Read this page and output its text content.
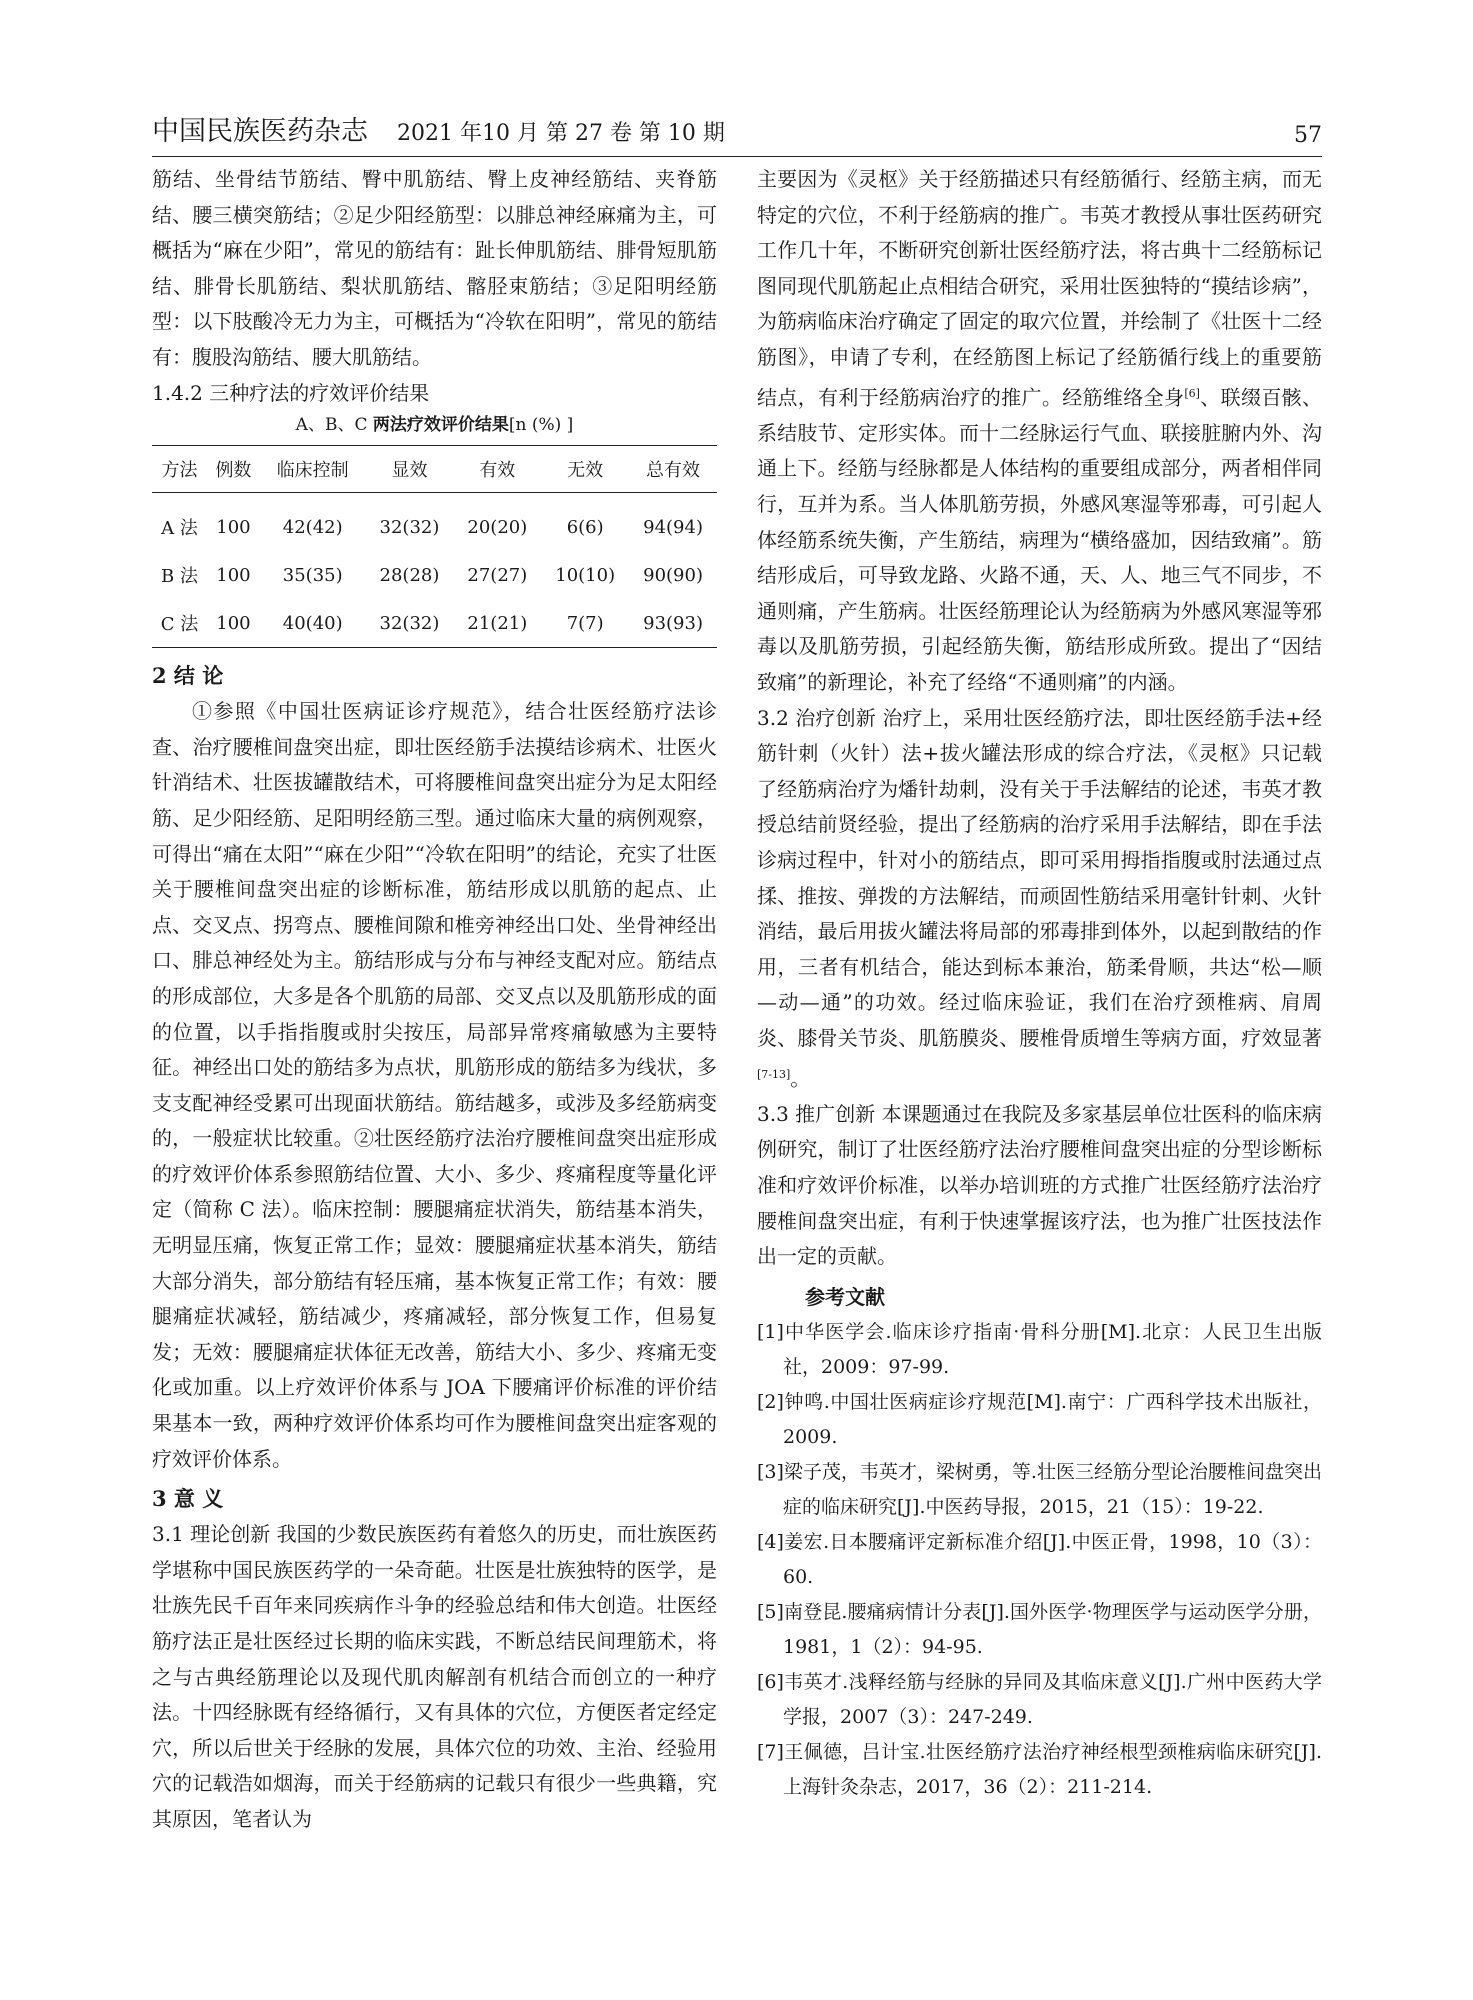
中国民族医药杂志 2021 年10 月 第 27 卷 第 10 期	57

筋结、坐骨结节筋结、臀中肌筋结、臀上皮神经筋结、夹脊筋结、腰三横突筋结；②足少阳经筋型：以腓总神经麻痛为主，可概括为“麻在少阳”，常见的筋结有：趾长伸肌筋结、腓骨短肌筋结、腓骨长肌筋结、梨状肌筋结、髂胫束筋结；③足阳明经筋型：以下肢酸冷无力为主，可概括为“冷软在阳明”，常见的筋结有：腹股沟筋结、腰大肌筋结。

1.4.2 三种疗法的疗效评价结果
A、B、C 两法疗效评价结果[n (%) ]
方法	例数	临床控制	显效	有效	无效	总有效
A 法	100	42(42)	32(32)	20(20)	6(6)	94(94)
B 法	100	35(35)	28(28)	27(27)	10(10)	90(90)
C 法	100	40(40)	32(32)	21(21)	7(7)	93(93)
2 结 论

①参照《中国壮医病证诊疗规范》，结合壮医经筋疗法诊查、治疗腰椎间盘突出症，即壮医经筋手法摸结诊病术、壮医火针消结术、壮医拔罐散结术，可将腰椎间盘突出症分为足太阳经筋、足少阳经筋、足阳明经筋三型。通过临床大量的病例观察，可得出“痛在太阳”“麻在少阳”“冷软在阳明”的结论，充实了壮医关于腰椎间盘突出症的诊断标准，筋结形成以肌筋的起点、止点、交叉点、拐弯点、腰椎间隙和椎旁神经出口处、坐骨神经出口、腓总神经处为主。筋结形成与分布与神经支配对应。筋结点的形成部位，大多是各个肌筋的局部、交叉点以及肌筋形成的面的位置，以手指指腹或肘尖按压，局部异常疼痛敏感为主要特征。神经出口处的筋结多为点状，肌筋形成的筋结多为线状，多支支配神经受累可出现面状筋结。筋结越多，或涉及多经筋病变的，一般症状比较重。②壮医经筋疗法治疗腰椎间盘突出症形成的疗效评价体系参照筋结位置、大小、多少、疼痛程度等量化评定（简称 C 法）。临床控制：腰腿痛症状消失，筋结基本消失，无明显压痛，恢复正常工作；显效：腰腿痛症状基本消失，筋结大部分消失，部分筋结有轻压痛，基本恢复正常工作；有效：腰腿痛症状减轻，筋结减少，疼痛减轻，部分恢复工作，但易复发；无效：腰腿痛症状体征无改善，筋结大小、多少、疼痛无变化或加重。以上疗效评价体系与 JOA 下腰痛评价标准的评价结果基本一致，两种疗效评价体系均可作为腰椎间盘突出症客观的疗效评价体系。

3 意 义

3.1 理论创新 我国的少数民族医药有着悠久的历史，而壮族医药学堪称中国民族医药学的一朵奇葩。壮医是壮族独特的医学，是壮族先民千百年来同疾病作斗争的经验总结和伟大创造。壮医经筋疗法正是壮医经过长期的临床实践，不断总结民间理筋术，将之与古典经筋理论以及现代肌肉解剖有机结合而创立的一种疗法。十四经脉既有经络循行，又有具体的穴位，方便医者定经定穴，所以后世关于经脉的发展，具体穴位的功效、主治、经验用穴的记载浩如烟海，而关于经筋病的记载只有很少一些典籍，究其原因，笔者认为

主要因为《灵枢》关于经筋描述只有经筋循行、经筋主病，而无特定的穴位，不利于经筋病的推广。韦英才教授从事壮医药研究工作几十年，不断研究创新壮医经筋疗法，将古典十二经筋标记图同现代肌筋起止点相结合研究，采用壮医独特的“摸结诊病”，为筋病临床治疗确定了固定的取穴位置，并绘制了《壮医十二经筋图》，申请了专利，在经筋图上标记了经筋循行线上的重要筋结点，有利于经筋病治疗的推广。经筋维络全身[6]、联缀百骸、系结肢节、定形实体。而十二经脉运行气血、联接脏腑内外、沟通上下。经筋与经脉都是人体结构的重要组成部分，两者相伴同行，互并为系。当人体肌筋劳损，外感风寒湿等邪毒，可引起人体经筋系统失衡，产生筋结，病理为“横络盛加，因结致痛”。筋结形成后，可导致龙路、火路不通，天、人、地三气不同步，不通则痛，产生筋病。壮医经筋理论认为经筋病为外感风寒湿等邪毒以及肌筋劳损，引起经筋失衡，筋结形成所致。提出了“因结致痛”的新理论，补充了经络“不通则痛”的内涵。

3.2 治疗创新 治疗上，采用壮医经筋疗法，即壮医经筋手法+经筋针刺（火针）法+拔火罐法形成的综合疗法，《灵枢》只记载了经筋病治疗为燔针劫刺，没有关于手法解结的论述，韦英才教授总结前贤经验，提出了经筋病的治疗采用手法解结，即在手法诊病过程中，针对小的筋结点，即可采用拇指指腹或肘法通过点揉、推按、弹拨的方法解结，而顽固性筋结采用毫针针刺、火针消结，最后用拔火罐法将局部的邪毒排到体外，以起到散结的作用，三者有机结合，能达到标本兼治，筋柔骨顺，共达“松—顺—动—通”的功效。经过临床验证，我们在治疗颈椎病、肩周炎、膝骨关节炎、肌筋膜炎、腰椎骨质增生等病方面，疗效显著[7-13]。

3.3 推广创新 本课题通过在我院及多家基层单位壮医科的临床病例研究，制订了壮医经筋疗法治疗腰椎间盘突出症的分型诊断标准和疗效评价标准，以举办培训班的方式推广壮医经筋疗法治疗腰椎间盘突出症，有利于快速掌握该疗法，也为推广壮医技法作出一定的贡献。

参考文献

[1]中华医学会.临床诊疗指南·骨科分册[M].北京：人民卫生出版社，2009：97-99.

[2]钟鸣.中国壮医病症诊疗规范[M].南宁：广西科学技术出版社，2009.

[3]梁子茂，韦英才，梁树勇，等.壮医三经筋分型论治腰椎间盘突出症的临床研究[J].中医药导报，2015，21（15）：19-22.

[4]姜宏.日本腰痛评定新标准介绍[J].中医正骨，1998，10（3）：60.

[5]南登昆.腰痛病情计分表[J].国外医学·物理医学与运动医学分册，1981，1（2）：94-95.

[6]韦英才.浅释经筋与经脉的异同及其临床意义[J].广州中医药大学学报，2007（3）：247-249.

[7]王佩德，吕计宝.壮医经筋疗法治疗神经根型颈椎病临床研究[J].上海针灸杂志，2017，36（2）：211-214.
